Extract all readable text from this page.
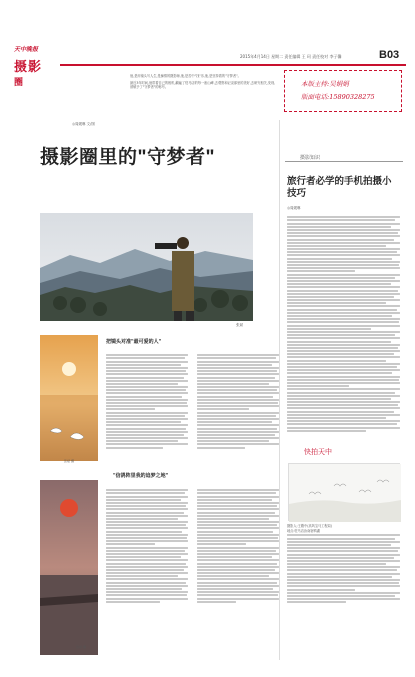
天中晚报
摄影
圈
2015年4月14日 星期二 责任编辑 王 珂 责任校对 李子馨	B03
本版主持:吴娟娟
版面电话:15890328275
他,是用镜头写人生,是痴情的摄影师,他,是苦中"找"乐,他,是坚持着的"守梦者"。
最近3年时间,他带着自己的相机,翻遍了驻马店的每一座山峰,去观察和记录那里的美好,去研究相关,发现,被赋予了"守梦者"的称号。
◎周媛琳 文/图
摄影圈里的"守梦者"
张斌
摄影知识
旅行者必学的手机拍摄小技巧
◎周媛琳
快拍天中
摄影人:王殿中(高风宝马工程局)
地点:驻马店汝南宿鸭湖
张斌 摄
张斌 摄
把镜头对准"最可爱的人"
"信鸽阵里我的追梦之地"
